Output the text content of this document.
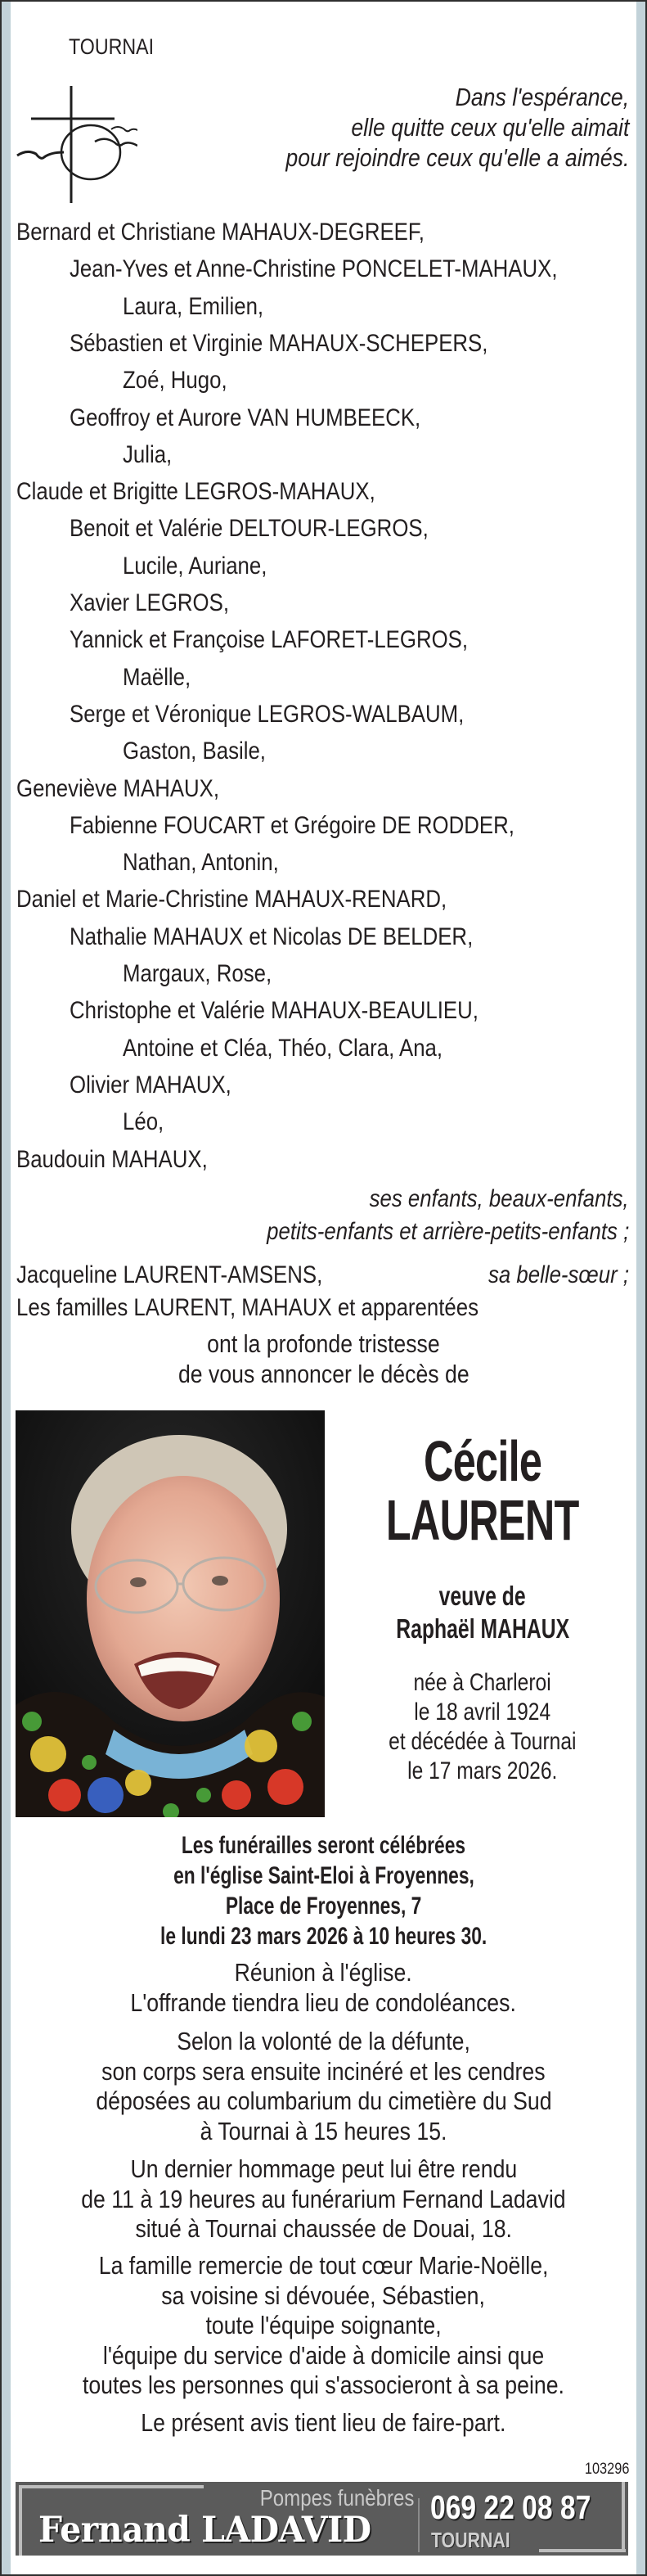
TOURNAI
Dans l'espérance,
elle quitte ceux qu'elle aimait
pour rejoindre ceux qu'elle a aimés.
Bernard et Christiane MAHAUX-DEGREEF,
Jean-Yves et Anne-Christine PONCELET-MAHAUX,
Laura, Emilien,
Sébastien et Virginie MAHAUX-SCHEPERS,
Zoé, Hugo,
Geoffroy et Aurore VAN HUMBEECK,
Julia,
Claude et Brigitte LEGROS-MAHAUX,
Benoit et Valérie DELTOUR-LEGROS,
Lucile, Auriane,
Xavier LEGROS,
Yannick et Françoise LAFORET-LEGROS,
Maëlle,
Serge et Véronique LEGROS-WALBAUM,
Gaston, Basile,
Geneviève MAHAUX,
Fabienne FOUCART et Grégoire DE RODDER,
Nathan, Antonin,
Daniel et Marie-Christine MAHAUX-RENARD,
Nathalie MAHAUX et Nicolas DE BELDER,
Margaux, Rose,
Christophe et Valérie MAHAUX-BEAULIEU,
Antoine et Cléa, Théo, Clara, Ana,
Olivier MAHAUX,
Léo,
Baudouin MAHAUX,
ses enfants, beaux-enfants,
petits-enfants et arrière-petits-enfants ;
Jacqueline LAURENT-AMSENS,	sa belle-sœur ;
Les familles LAURENT, MAHAUX et apparentées
ont la profonde tristesse
de vous annoncer le décès de
Cécile
LAURENT
veuve de
Raphaël MAHAUX
née à Charleroi
le 18 avril 1924
et décédée à Tournai
le 17 mars 2026.
Les funérailles seront célébrées
en l'église Saint-Eloi à Froyennes,
Place de Froyennes, 7
le lundi 23 mars 2026 à 10 heures 30.
Réunion à l'église.
L'offrande tiendra lieu de condoléances.
Selon la volonté de la défunte,
son corps sera ensuite incinéré et les cendres
déposées au columbarium du cimetière du Sud
à Tournai à 15 heures 15.
Un dernier hommage peut lui être rendu
de 11 à 19 heures au funérarium Fernand Ladavid
situé à Tournai chaussée de Douai, 18.
La famille remercie de tout cœur Marie-Noëlle,
sa voisine si dévouée, Sébastien,
toute l'équipe soignante,
l'équipe du service d'aide à domicile ainsi que
toutes les personnes qui s'associeront à sa peine.
Le présent avis tient lieu de faire-part.
103296
Pompes funèbres
Fernand LADAVID
069 22 08 87
TOURNAI
